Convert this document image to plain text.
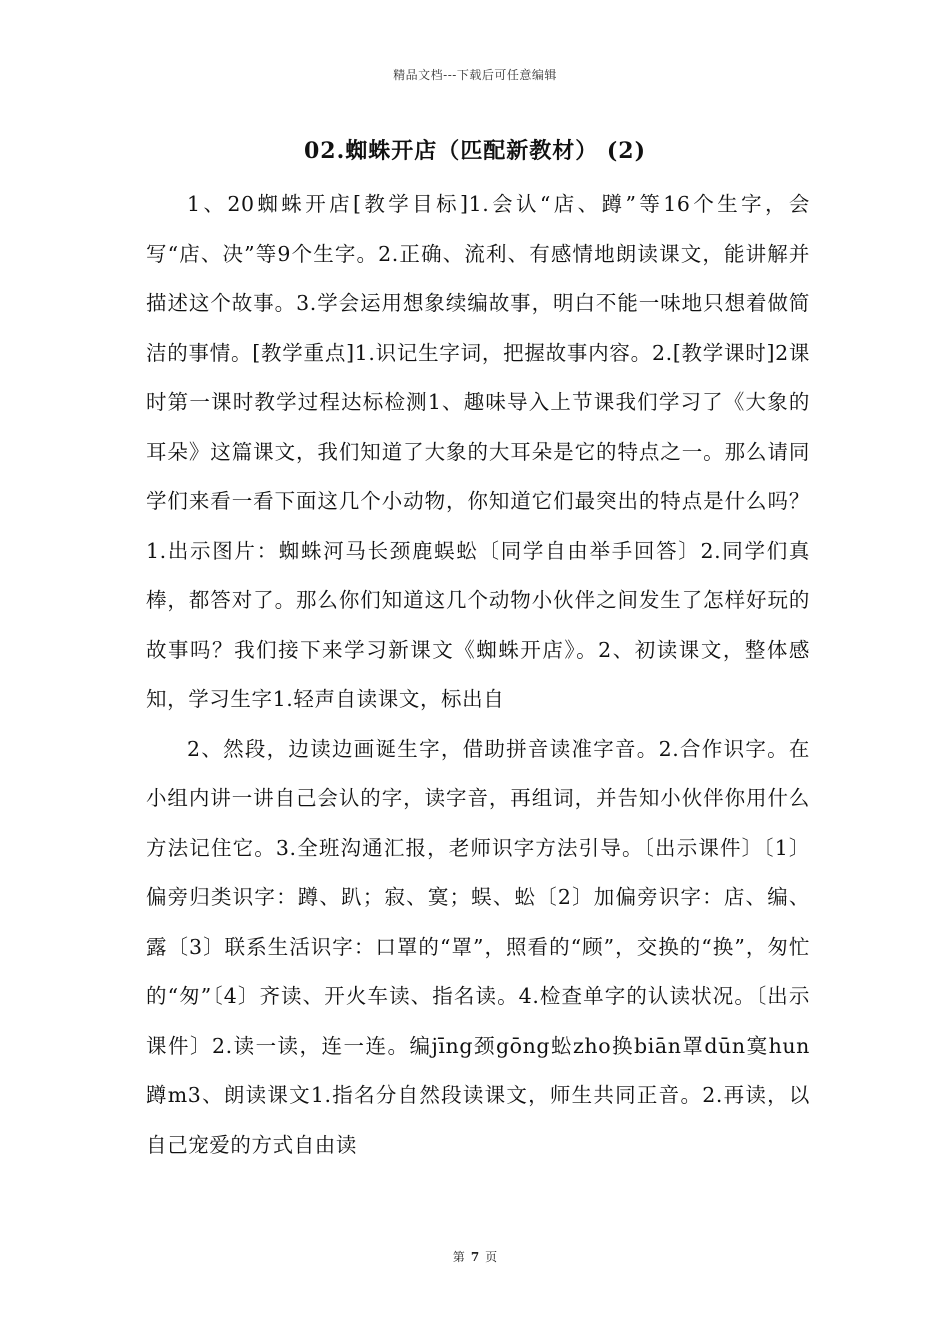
精品文档---下载后可任意编辑
02.蜘蛛开店（匹配新教材） (2)

1、20蜘蛛开店[教学目标]1.会认“店、蹲”等16个生字，会写“店、决”等9个生字。2.正确、流利、有感情地朗读课文，能讲解并描述这个故事。3.学会运用想象续编故事，明白不能一味地只想着做简洁的事情。[教学重点]1.识记生字词，把握故事内容。2.[教学课时]2课时第一课时教学过程达标检测1、趣味导入上节课我们学习了《大象的耳朵》这篇课文，我们知道了大象的大耳朵是它的特点之一。那么请同学们来看一看下面这几个小动物，你知道它们最突出的特点是什么吗？1.出示图片：蜘蛛河马长颈鹿蜈蚣〔同学自由举手回答〕2.同学们真棒，都答对了。那么你们知道这几个动物小伙伴之间发生了怎样好玩的故事吗？我们接下来学习新课文《蜘蛛开店》。2、初读课文，整体感知，学习生字1.轻声自读课文，标出自

2、然段，边读边画诞生字，借助拼音读准字音。2.合作识字。在小组内讲一讲自己会认的字，读字音，再组词，并告知小伙伴你用什么方法记住它。3.全班沟通汇报，老师识字方法引导。〔出示课件〕〔1〕偏旁归类识字：蹲、趴；寂、寞；蜈、蚣〔2〕加偏旁识字：店、编、露〔3〕联系生活识字：口罩的“罩”，照看的“顾”，交换的“换”，匆忙的“匆”〔4〕齐读、开火车读、指名读。4.检查单字的认读状况。〔出示课件〕2.读一读，连一连。编jīng颈gōng蚣zho换biān罩dūn寞hun蹲m3、朗读课文1.指名分自然段读课文，师生共同正音。2.再读，以自己宠爱的方式自由读

第 7 页
